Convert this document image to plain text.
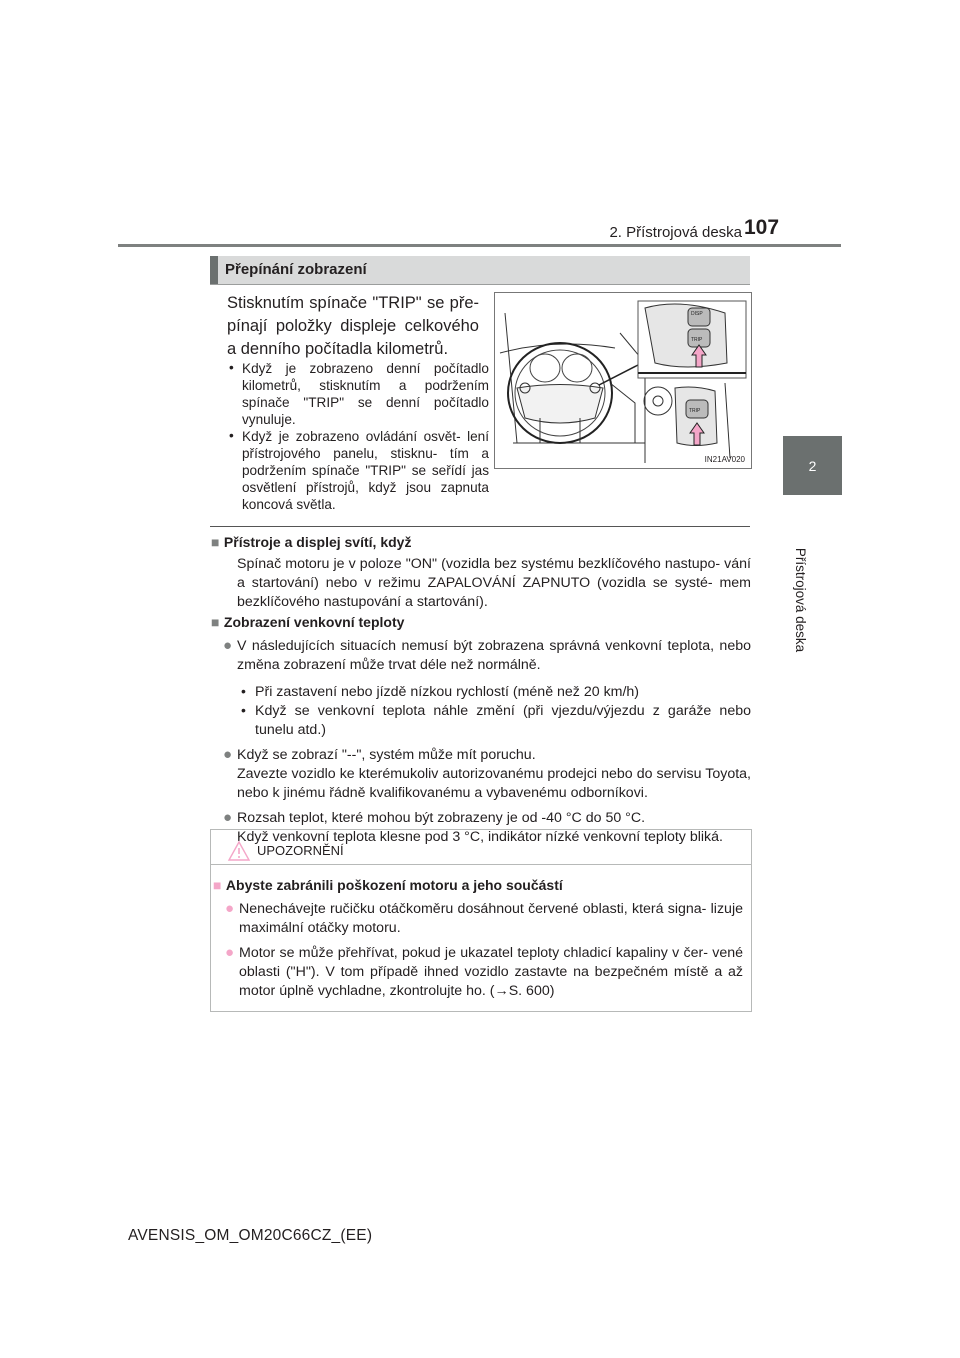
2. Přístrojová deska 107
2
Přístrojová deska
Přepínání zobrazení
Stisknutím spínače "TRIP" se pře- pínají položky displeje celkového a denního počítadla kilometrů.
• Když je zobrazeno denní počítadlo kilometrů, stisknutím a podržením spínače "TRIP" se denní počítadlo vynuluje.
• Když je zobrazeno ovládání osvět- lení přístrojového panelu, stisknu- tím a podržením spínače "TRIP" se seřídí jas osvětlení přístrojů, když jsou zapnuta koncová světla.
DISP
TRIP
TRIP
IN21AV020
■ Přístroje a displej svítí, když
Spínač motoru je v poloze "ON" (vozidla bez systému bezklíčového nastupo- vání a startování) nebo v režimu ZAPALOVÁNÍ ZAPNUTO (vozidla se systé- mem bezklíčového nastupování a startování).
■ Zobrazení venkovní teploty
● V následujících situacích nemusí být zobrazena správná venkovní teplota, nebo změna zobrazení může trvat déle než normálně.
• Při zastavení nebo jízdě nízkou rychlostí (méně než 20 km/h)
• Když se venkovní teplota náhle změní (při vjezdu/výjezdu z garáže nebo tunelu atd.)
● Když se zobrazí "--", systém může mít poruchu.
Zavezte vozidlo ke kterémukoliv autorizovanému prodejci nebo do servisu Toyota, nebo k jinému řádně kvalifikovanému a vybavenému odborníkovi.
● Rozsah teplot, které mohou být zobrazeny je od -40 °C do 50 °C.
Když venkovní teplota klesne pod 3 °C, indikátor nízké venkovní teploty bliká.
UPOZORNĚNÍ
■ Abyste zabránili poškození motoru a jeho součástí
● Nenechávejte ručičku otáčkoměru dosáhnout červené oblasti, která signa- lizuje maximální otáčky motoru.
● Motor se může přehřívat, pokud je ukazatel teploty chladicí kapaliny v čer- vené oblasti ("H"). V tom případě ihned vozidlo zastavte na bezpečném místě a až motor úplně vychladne, zkontrolujte ho. (→S. 600)
AVENSIS_OM_OM20C66CZ_(EE)
